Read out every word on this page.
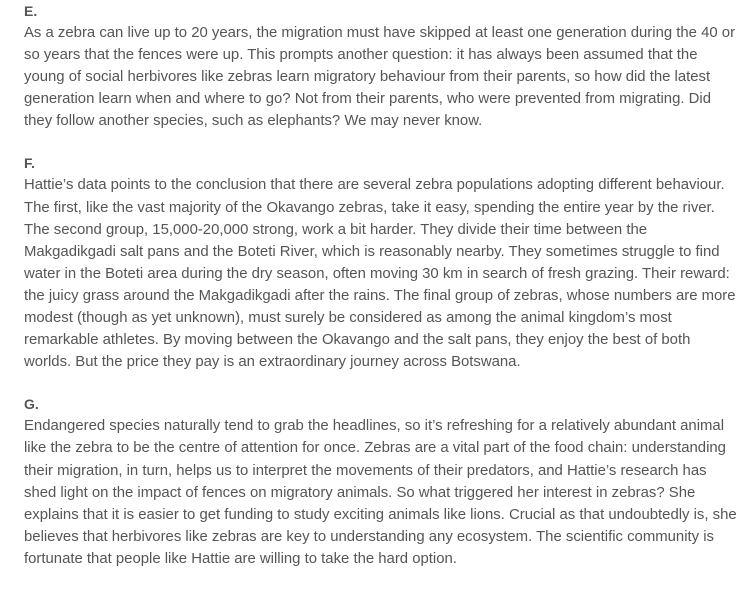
E.

As a zebra can live up to 20 years, the migration must have skipped at least one generation during the 40 or so years that the fences were up. This prompts another question: it has always been assumed that the young of social herbivores like zebras learn migratory behaviour from their parents, so how did the latest generation learn when and where to go? Not from their parents, who were prevented from migrating. Did they follow another species, such as elephants? We may never know.

F.

Hattie’s data points to the conclusion that there are several zebra populations adopting different behaviour. The first, like the vast majority of the Okavango zebras, take it easy, spending the entire year by the river. The second group, 15,000-20,000 strong, work a bit harder. They divide their time between the Makgadikgadi salt pans and the Boteti River, which is reasonably nearby. They sometimes struggle to find water in the Boteti area during the dry season, often moving 30 km in search of fresh grazing. Their reward: the juicy grass around the Makgadikgadi after the rains. The final group of zebras, whose numbers are more modest (though as yet unknown), must surely be considered as among the animal kingdom’s most remarkable athletes. By moving between the Okavango and the salt pans, they enjoy the best of both worlds. But the price they pay is an extraordinary journey across Botswana.

G.

Endangered species naturally tend to grab the headlines, so it’s refreshing for a relatively abundant animal like the zebra to be the centre of attention for once. Zebras are a vital part of the food chain: understanding their migration, in turn, helps us to interpret the movements of their predators, and Hattie’s research has shed light on the impact of fences on migratory animals. So what triggered her interest in zebras? She explains that it is easier to get funding to study exciting animals like lions. Crucial as that undoubtedly is, she believes that herbivores like zebras are key to understanding any ecosystem. The scientific community is fortunate that people like Hattie are willing to take the hard option.
